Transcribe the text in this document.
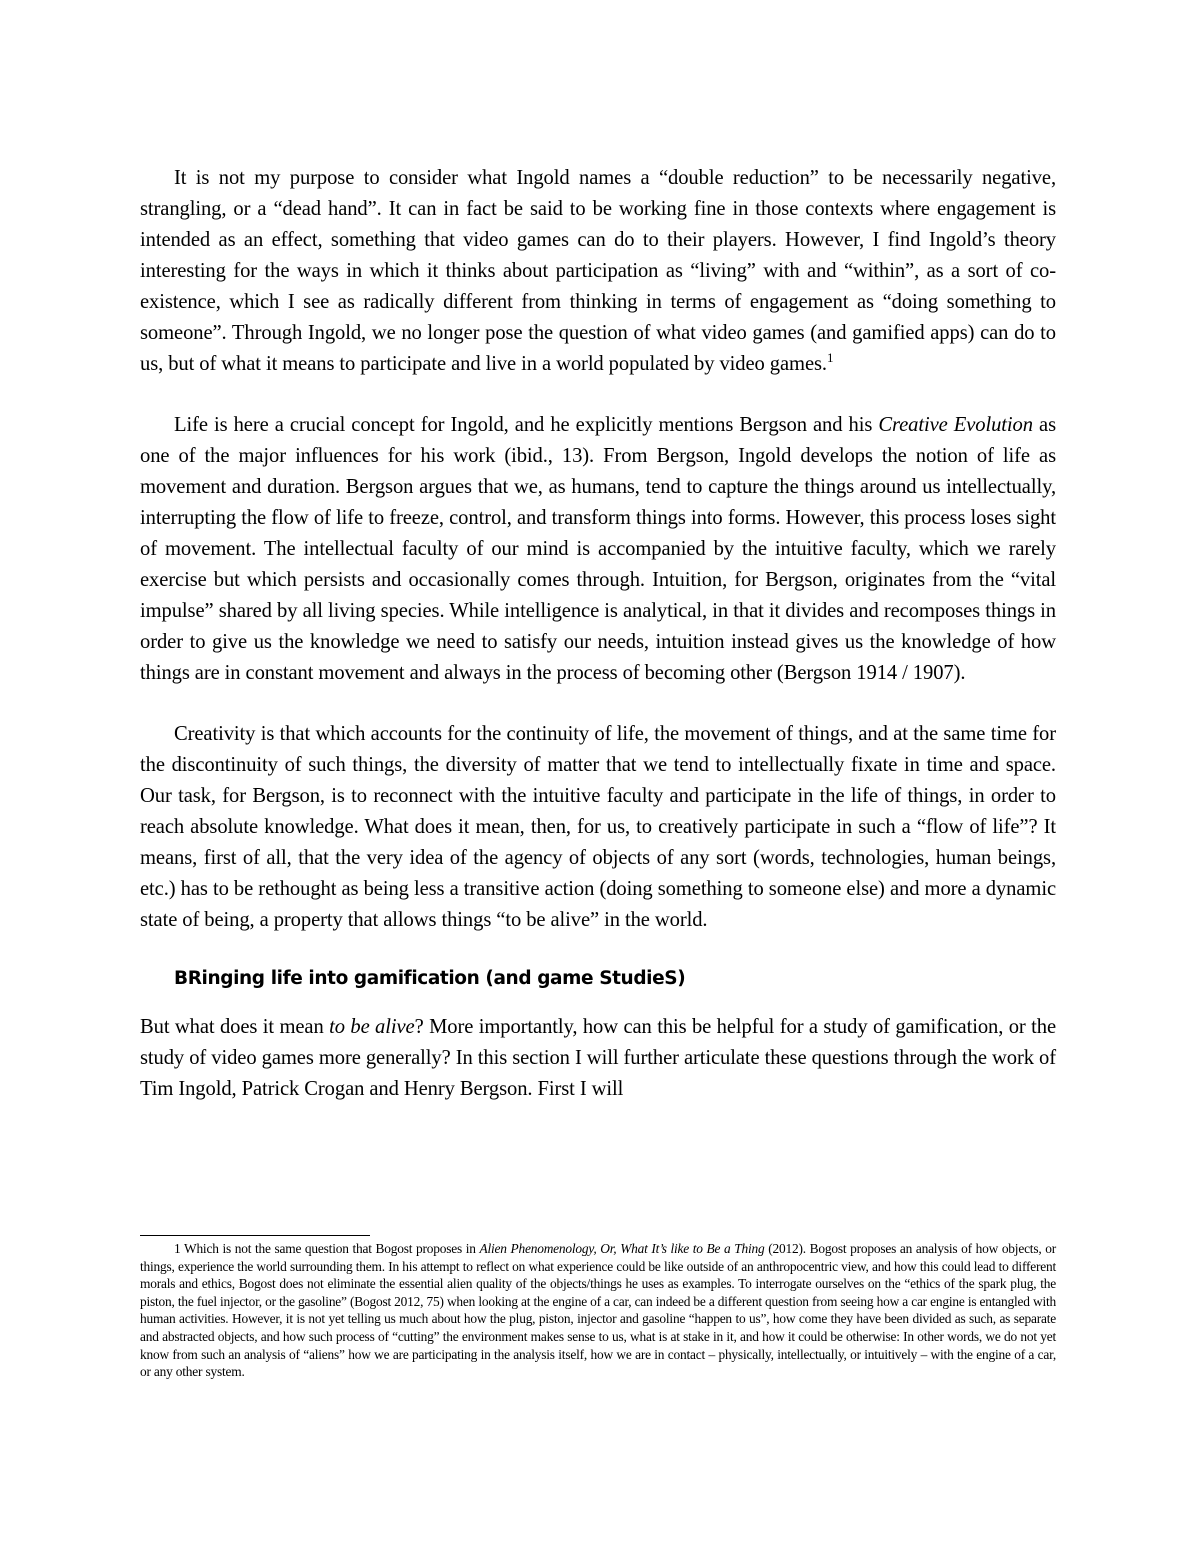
It is not my purpose to consider what Ingold names a “double reduction” to be necessarily negative, strangling, or a “dead hand”. It can in fact be said to be working fine in those contexts where engagement is intended as an effect, something that video games can do to their players. However, I find Ingold’s theory interesting for the ways in which it thinks about participation as “living” with and “within”, as a sort of co-existence, which I see as radically different from thinking in terms of engagement as “doing something to someone”. Through Ingold, we no longer pose the question of what video games (and gamified apps) can do to us, but of what it means to participate and live in a world populated by video games.$^1$

Life is here a crucial concept for Ingold, and he explicitly mentions Bergson and his Creative Evolution as one of the major influences for his work (ibid., 13). From Bergson, Ingold develops the notion of life as movement and duration. Bergson argues that we, as humans, tend to capture the things around us intellectually, interrupting the flow of life to freeze, control, and transform things into forms. However, this process loses sight of movement. The intellectual faculty of our mind is accompanied by the intuitive faculty, which we rarely exercise but which persists and occasionally comes through. Intuition, for Bergson, originates from the “vital impulse” shared by all living species. While intelligence is analytical, in that it divides and recomposes things in order to give us the knowledge we need to satisfy our needs, intuition instead gives us the knowledge of how things are in constant movement and always in the process of becoming other (Bergson 1914 / 1907).

Creativity is that which accounts for the continuity of life, the movement of things, and at the same time for the discontinuity of such things, the diversity of matter that we tend to intellectually fixate in time and space. Our task, for Bergson, is to reconnect with the intuitive faculty and participate in the life of things, in order to reach absolute knowledge. What does it mean, then, for us, to creatively participate in such a “flow of life”? It means, first of all, that the very idea of the agency of objects of any sort (words, technologies, human beings, etc.) has to be rethought as being less a transitive action (doing something to someone else) and more a dynamic state of being, a property that allows things “to be alive” in the world.

BRinging life into gamification (and game StudieS)

But what does it mean to be alive? More importantly, how can this be helpful for a study of gamification, or the study of video games more generally? In this section I will further articulate these questions through the work of Tim Ingold, Patrick Crogan and Henry Bergson. First I will

1 Which is not the same question that Bogost proposes in Alien Phenomenology, Or, What It’s like to Be a Thing (2012). Bogost proposes an analysis of how objects, or things, experience the world surrounding them. In his attempt to reflect on what experience could be like outside of an anthropocentric view, and how this could lead to different morals and ethics, Bogost does not eliminate the essential alien quality of the objects/things he uses as examples. To interrogate ourselves on the “ethics of the spark plug, the piston, the fuel injector, or the gasoline” (Bogost 2012, 75) when looking at the engine of a car, can indeed be a different question from seeing how a car engine is entangled with human activities. However, it is not yet telling us much about how the plug, piston, injector and gasoline “happen to us”, how come they have been divided as such, as separate and abstracted objects, and how such process of “cutting” the environment makes sense to us, what is at stake in it, and how it could be otherwise: In other words, we do not yet know from such an analysis of “aliens” how we are participating in the analysis itself, how we are in contact – physically, intellectually, or intuitively – with the engine of a car, or any other system.
